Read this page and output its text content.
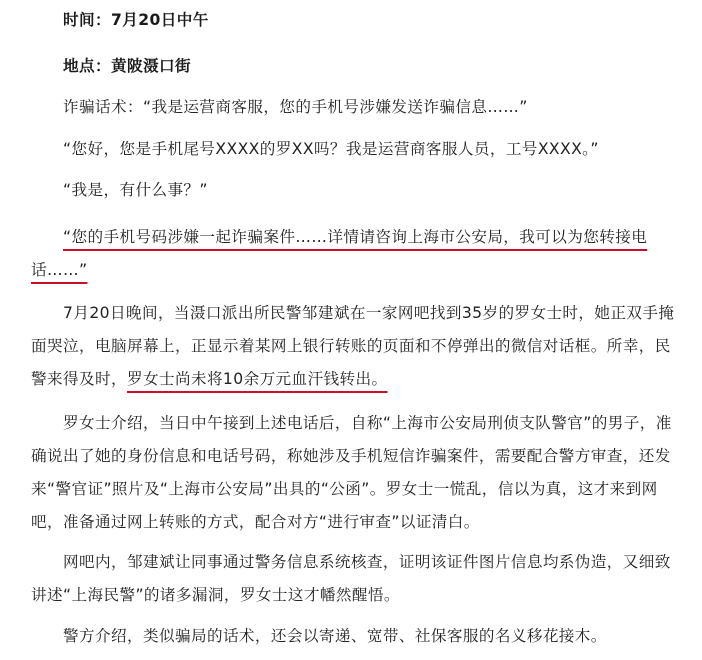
时间：7月20日中午

地点：黄陂滠口街

诈骗话术：“我是运营商客服，您的手机号涉嫌发送诈骗信息……”

“您好，您是手机尾号XXXX的罗XX吗？我是运营商客服人员，工号XXXX。”

“我是，有什么事？”

“您的手机号码涉嫌一起诈骗案件……详情请咨询上海市公安局，我可以为您转接电话……”

7月20日晚间，当滠口派出所民警邹建斌在一家网吧找到35岁的罗女士时，她正双手掩面哭泣，电脑屏幕上，正显示着某网上银行转账的页面和不停弹出的微信对话框。所幸，民警来得及时，罗女士尚未将10余万元血汗钱转出。

罗女士介绍，当日中午接到上述电话后，自称“上海市公安局刑侦支队警官”的男子，准确说出了她的身份信息和电话号码，称她涉及手机短信诈骗案件，需要配合警方审查，还发来“警官证”照片及“上海市公安局”出具的“公函”。罗女士一慌乱，信以为真，这才来到网吧，准备通过网上转账的方式，配合对方“进行审查”以证清白。

网吧内，邹建斌让同事通过警务信息系统核查，证明该证件图片信息均系伪造，又细致讲述“上海民警”的诸多漏洞，罗女士这才幡然醒悟。

警方介绍，类似骗局的话术，还会以寄递、宽带、社保客服的名义移花接木。
